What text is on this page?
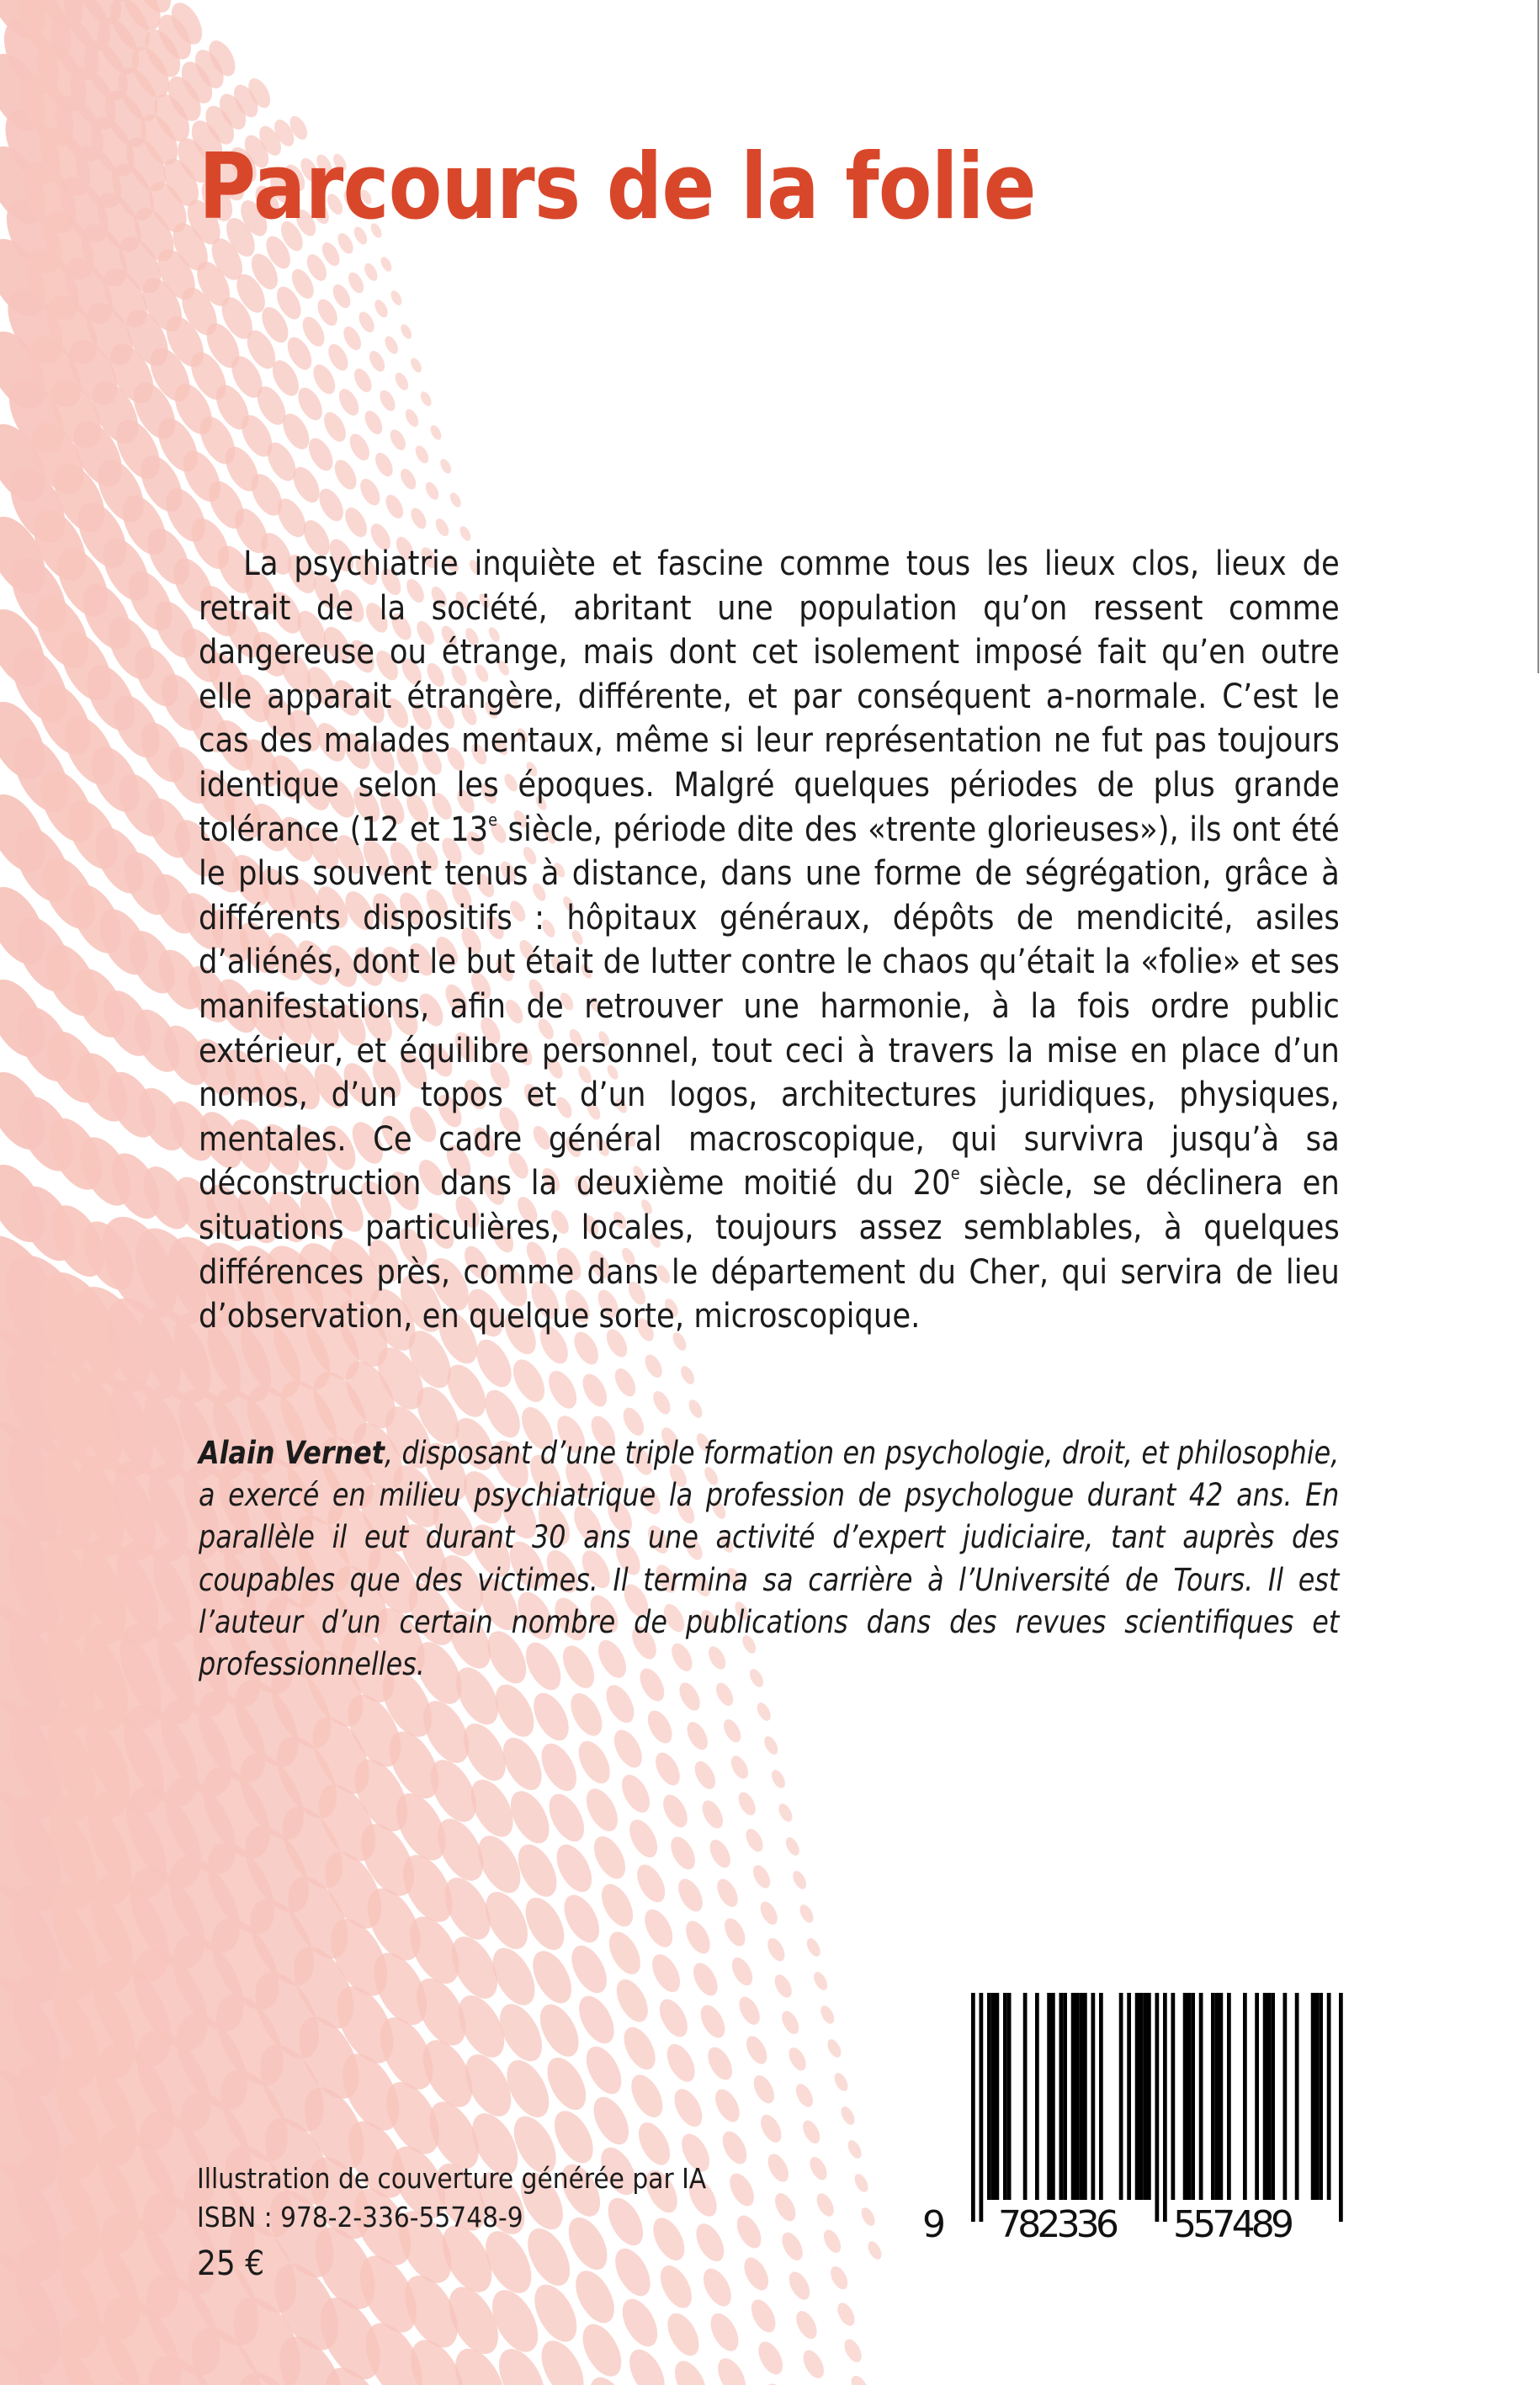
Parcours de la folie

La psychiatrie inquiète et fascine comme tous les lieux clos, lieux de retrait de la société, abritant une population qu’on ressent comme dangereuse ou étrange, mais dont cet isolement imposé fait qu’en outre elle apparait étrangère, différente, et par conséquent a-normale. C’est le cas des malades mentaux, même si leur représentation ne fut pas toujours identique selon les époques. Malgré quelques périodes de plus grande tolérance (12 et 13e siècle, période dite des «trente glorieuses»), ils ont été le plus souvent tenus à distance, dans une forme de ségrégation, grâce à différents dispositifs : hôpitaux généraux, dépôts de mendicité, asiles d’aliénés, dont le but était de lutter contre le chaos qu’était la «folie» et ses manifestations, afin de retrouver une harmonie, à la fois ordre public extérieur, et équilibre personnel, tout ceci à travers la mise en place d’un nomos, d’un topos et d’un logos, architectures juridiques, physiques, mentales. Ce cadre général macroscopique, qui survivra jusqu’à sa déconstruction dans la deuxième moitié du 20e siècle, se déclinera en situations particulières, locales, toujours assez semblables, à quelques différences près, comme dans le département du Cher, qui servira de lieu d’observation, en quelque sorte, microscopique.

Alain Vernet, disposant d’une triple formation en psychologie, droit, et philosophie, a exercé en milieu psychiatrique la profession de psychologue durant 42 ans. En parallèle il eut durant 30 ans une activité d’expert judiciaire, tant auprès des coupables que des victimes. Il termina sa carrière à l’Université de Tours. Il est l’auteur d’un certain nombre de publications dans des revues scientifiques et professionnelles.

Illustration de couverture générée par IA
ISBN : 978-2-336-55748-9
25 €
9 782336 557489
